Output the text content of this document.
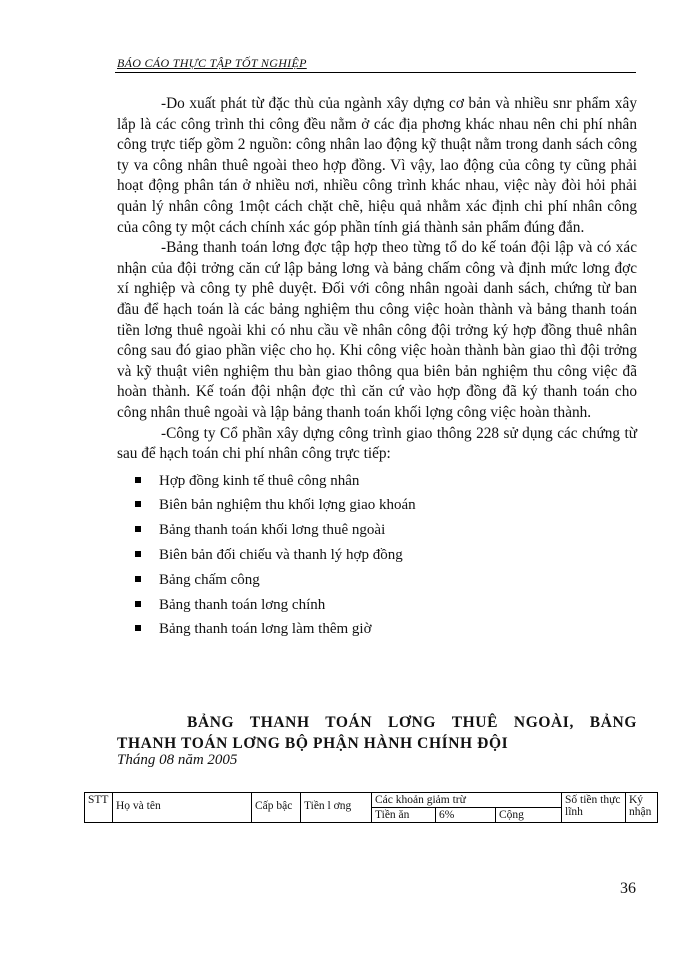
BÁO CÁO THỰC TẬP TỐT NGHIỆP

-Do xuất phát từ đặc thù của ngành xây dựng cơ bản và nhiều snr phẩm xây lắp là các công trình thi công đều nằm ở các địa phơng khác nhau nên chi phí nhân công trực tiếp gồm 2 nguồn: công nhân lao động kỹ thuật nằm trong danh sách công ty va công nhân thuê ngoài theo hợp đồng. Vì vậy, lao động của công ty cũng phải hoạt động phân tán ở nhiều nơi, nhiều công trình khác nhau, việc này đòi hỏi phải quản lý nhân công 1một cách chặt chẽ, hiệu quả nhằm xác định chi phí nhân công của công ty một cách chính xác góp phần tính giá thành sản phẩm đúng đắn.

-Bảng thanh toán lơng đợc tập hợp theo từng tổ do kế toán đội lập và có xác nhận của đội trởng căn cứ lập bảng lơng và bảng chấm công và định mức lơng đợc xí nghiệp và công ty phê duyệt. Đối với công nhân ngoài danh sách, chứng từ ban đầu để hạch toán là các bảng nghiệm thu công việc hoàn thành và bảng thanh toán tiền lơng thuê ngoài khi có nhu cầu về nhân công đội trởng ký hợp đồng thuê nhân công sau đó giao phần việc cho họ. Khi công việc hoàn thành bàn giao thì đội trởng và kỹ thuật viên nghiệm thu bàn giao thông qua biên bản nghiệm thu công việc đã hoàn thành. Kế toán đội nhận đợc thì căn cứ vào hợp đồng đã ký thanh toán cho công nhân thuê ngoài và lập bảng thanh toán khối lợng công việc hoàn thành.

-Công ty Cổ phần xây dựng công trình giao thông 228 sử dụng các chứng từ sau để hạch toán chi phí nhân công trực tiếp:

Hợp đồng kinh tế thuê công nhân
Biên bản nghiệm thu khối lợng giao khoán
Bảng thanh toán khối lơng thuê ngoài
Biên bản đối chiếu và thanh lý hợp đồng
Bảng chấm công
Bảng thanh toán lơng chính
Bảng thanh toán lơng làm thêm giờ
BẢNG THANH TOÁN LƠNG THUÊ NGOÀI, BẢNG
THANH TOÁN LƠNG BỘ PHẬN HÀNH CHÍNH ĐỘI
Tháng 08 năm 2005
STT	Họ và tên	Cấp bậc	Tiền l ơng	Các khoản giảm trừ			Số tiền thực lĩnh	Ký nhận
				Tiền ăn	6%	Cộng		
36
